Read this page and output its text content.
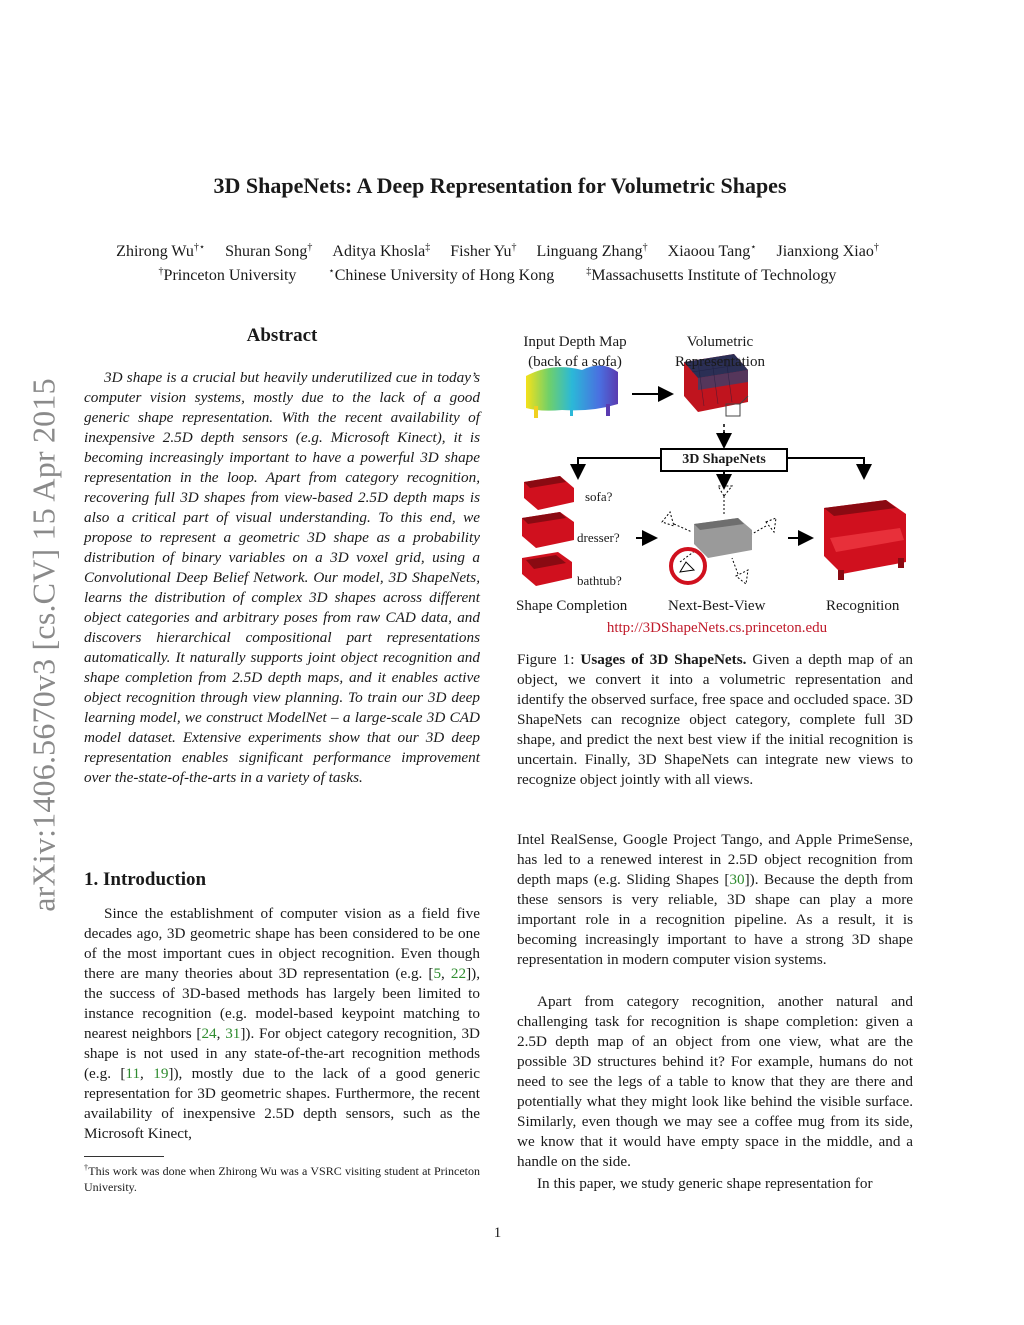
arXiv:1406.5670v3 [cs.CV] 15 Apr 2015
3D ShapeNets: A Deep Representation for Volumetric Shapes
Zhirong Wu†⋆ Shuran Song† Aditya Khosla‡ Fisher Yu† Linguang Zhang† Xiaoou Tang⋆ Jianxiong Xiao†
†Princeton University	⋆Chinese University of Hong Kong	‡Massachusetts Institute of Technology
Abstract

3D shape is a crucial but heavily underutilized cue in today’s computer vision systems, mostly due to the lack of a good generic shape representation. With the recent availability of inexpensive 2.5D depth sensors (e.g. Microsoft Kinect), it is becoming increasingly important to have a powerful 3D shape representation in the loop. Apart from category recognition, recovering full 3D shapes from view-based 2.5D depth maps is also a critical part of visual understanding. To this end, we propose to represent a geometric 3D shape as a probability distribution of binary variables on a 3D voxel grid, using a Convolutional Deep Belief Network. Our model, 3D ShapeNets, learns the distribution of complex 3D shapes across different object categories and arbitrary poses from raw CAD data, and discovers hierarchical compositional part representations automatically. It naturally supports joint object recognition and shape completion from 2.5D depth maps, and it enables active object recognition through view planning. To train our 3D deep learning model, we construct ModelNet – a large-scale 3D CAD model dataset. Extensive experiments show that our 3D deep representation enables significant performance improvement over the-state-of-the-arts in a variety of tasks.

1. Introduction

Since the establishment of computer vision as a field five decades ago, 3D geometric shape has been considered to be one of the most important cues in object recognition. Even though there are many theories about 3D representation (e.g. [5, 22]), the success of 3D-based methods has largely been limited to instance recognition (e.g. model-based keypoint matching to nearest neighbors [24, 31]). For object category recognition, 3D shape is not used in any state-of-the-art recognition methods (e.g. [11, 19]), mostly due to the lack of a good generic representation for 3D geometric shapes. Furthermore, the recent availability of inexpensive 2.5D depth sensors, such as the Microsoft Kinect,

†This work was done when Zhirong Wu was a VSRC visiting student at Princeton University.

Input Depth Map
(back of a sofa)
Volumetric
Representation
3D ShapeNets
sofa?
dresser?
bathtub?
Shape Completion	Next-Best-View	Recognition
http://3DShapeNets.cs.princeton.edu

Figure 1: Usages of 3D ShapeNets. Given a depth map of an object, we convert it into a volumetric representation and identify the observed surface, free space and occluded space. 3D ShapeNets can recognize object category, complete full 3D shape, and predict the next best view if the initial recognition is uncertain. Finally, 3D ShapeNets can integrate new views to recognize object jointly with all views.

Intel RealSense, Google Project Tango, and Apple PrimeSense, has led to a renewed interest in 2.5D object recognition from depth maps (e.g. Sliding Shapes [30]). Because the depth from these sensors is very reliable, 3D shape can play a more important role in a recognition pipeline. As a result, it is becoming increasingly important to have a strong 3D shape representation in modern computer vision systems.

Apart from category recognition, another natural and challenging task for recognition is shape completion: given a 2.5D depth map of an object from one view, what are the possible 3D structures behind it? For example, humans do not need to see the legs of a table to know that they are there and potentially what they might look like behind the visible surface. Similarly, even though we may see a coffee mug from its side, we know that it would have empty space in the middle, and a handle on the side.

In this paper, we study generic shape representation for

1
